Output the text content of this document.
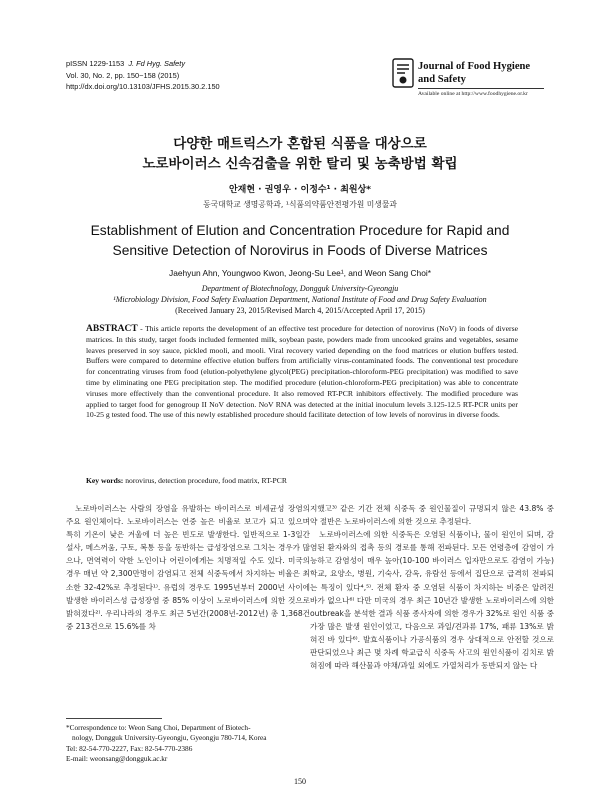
pISSN 1229-1153 J. Fd Hyg. Safety
Vol. 30, No. 2, pp. 150~158 (2015)
http://dx.doi.org/10.13103/JFHS.2015.30.2.150
Journal of Food Hygiene
and Safety
Available online at http://www.foodhygiene.or.kr
다양한 매트릭스가 혼합된 식품을 대상으로
노로바이러스 신속검출을 위한 탈리 및 농축방법 확립
안재현 · 권영우 · 이정수¹ · 최원상*
동국대학교 생명공학과, ¹식품의약품안전평가원 미생물과
Establishment of Elution and Concentration Procedure for Rapid and
Sensitive Detection of Norovirus in Foods of Diverse Matrices
Jaehyun Ahn, Youngwoo Kwon, Jeong-Su Lee¹, and Weon Sang Choi*
Department of Biotechnology, Dongguk University-Gyeongju
¹Microbiology Division, Food Safety Evaluation Department, National Institute of Food and Drug Safety Evaluation
(Received January 23, 2015/Revised March 4, 2015/Accepted April 17, 2015)
ABSTRACT - This article reports the development of an effective test procedure for detection of norovirus (NoV) in foods of diverse matrices. In this study, target foods included fermented milk, soybean paste, powders made from uncooked grains and vegetables, sesame leaves preserved in soy sauce, pickled mooli, and mooli. Viral recovery varied depending on the food matrices or elution buffers tested. Buffers were compared to determine effective elution buffers from artificially virus-contaminated foods. The conventional test procedure for concentrating viruses from food (elution-polyethylene glycol(PEG) precipitation-chloroform-PEG precipitation) was modified to save time by eliminating one PEG precipitation step. The modified procedure (elution-chloroform-PEG precipitation) was able to concentrate viruses more effectively than the conventional procedure. It also removed RT-PCR inhibitors effectively. The modified procedure was applied to target food for genogroup II NoV detection. NoV RNA was detected at the initial inoculum levels 3.125-12.5 RT-PCR units per 10-25 g tested food. The use of this newly established procedure should facilitate detection of low levels of norovirus in diverse foods.
Key words: norovirus, detection procedure, food matrix, RT-PCR

노로바이러스는 사람의 장염을 유발하는 바이러스로 비세균성 장염의 주요 원인체이다. 노로바이러스는 연중 높은 비율로 보고가 되고 있으며 특히 기온이 낮은 겨울에 더 높은 빈도로 발생한다. 일반적으로 1-3일간 설사, 메스꺼움, 구토, 복통 등을 동반하는 급성장염으로 그치는 경우가 많으나, 면역력이 약한 노인이나 어린이에게는 치명적일 수도 있다. 미국의 경우 매년 약 2,300만명이 감염되고 전체 식중독에서 차지하는 비율은 최소한 32-42%로 추정된다¹⁾. 유럽의 경우도 1995년부터 2000년 사이에 발생한 바이러스성 급성장염 중 85% 이상이 노로바이러스에 의한 것으로 밝혀졌다²⁾. 우리나라의 경우도 최근 5년간(2008년-2012년) 총 1,368건 중 213건으로 15.6%를 차

지했고³⁾ 같은 기간 전체 식중독 중 원인물질이 규명되지 않은 43.8% 중 약 절반은 노로바이러스에 의한 것으로 추정된다.

노로바이러스에 의한 식중독은 오염된 식품이나, 물이 원인이 되며, 감염된 환자와의 접촉 등의 경로를 통해 전파된다. 모든 연령층에 감염이 가능하고 감염성이 매우 높아(10-100 바이러스 입자만으로도 감염이 가능) 학교, 요양소, 병원, 기숙사, 감옥, 유람선 등에서 집단으로 급격히 전파되는 특징이 있다⁴,⁵⁾. 전체 환자 중 오염된 식품이 차지하는 비중은 알려진 바가 없으나⁶⁾ 다만 미국의 경우 최근 10년간 발생한 노로바이러스에 의한 outbreak을 분석한 결과 식품 종사자에 의한 경우가 32%로 원인 식품 중 가장 많은 발생 원인이었고, 다음으로 과일/견과류 17%, 패류 13%로 밝혀진 바 있다⁶⁾. 발효식품이나 가공식품의 경우 상대적으로 안전할 것으로 판단되었으나 최근 몇 차례 학교급식 식중독 사고의 원인식품이 김치로 밝혀짐에 따라 해산물과 야채/과일 외에도 가열처리가 동반되지 않는 다

*Correspondence to: Weon Sang Choi, Department of Biotech-
nology, Dongguk University-Gyeongju, Gyeongju 780-714, Korea
Tel: 82-54-770-2227, Fax: 82-54-770-2386
E-mail: weonsang@dongguk.ac.kr
150
